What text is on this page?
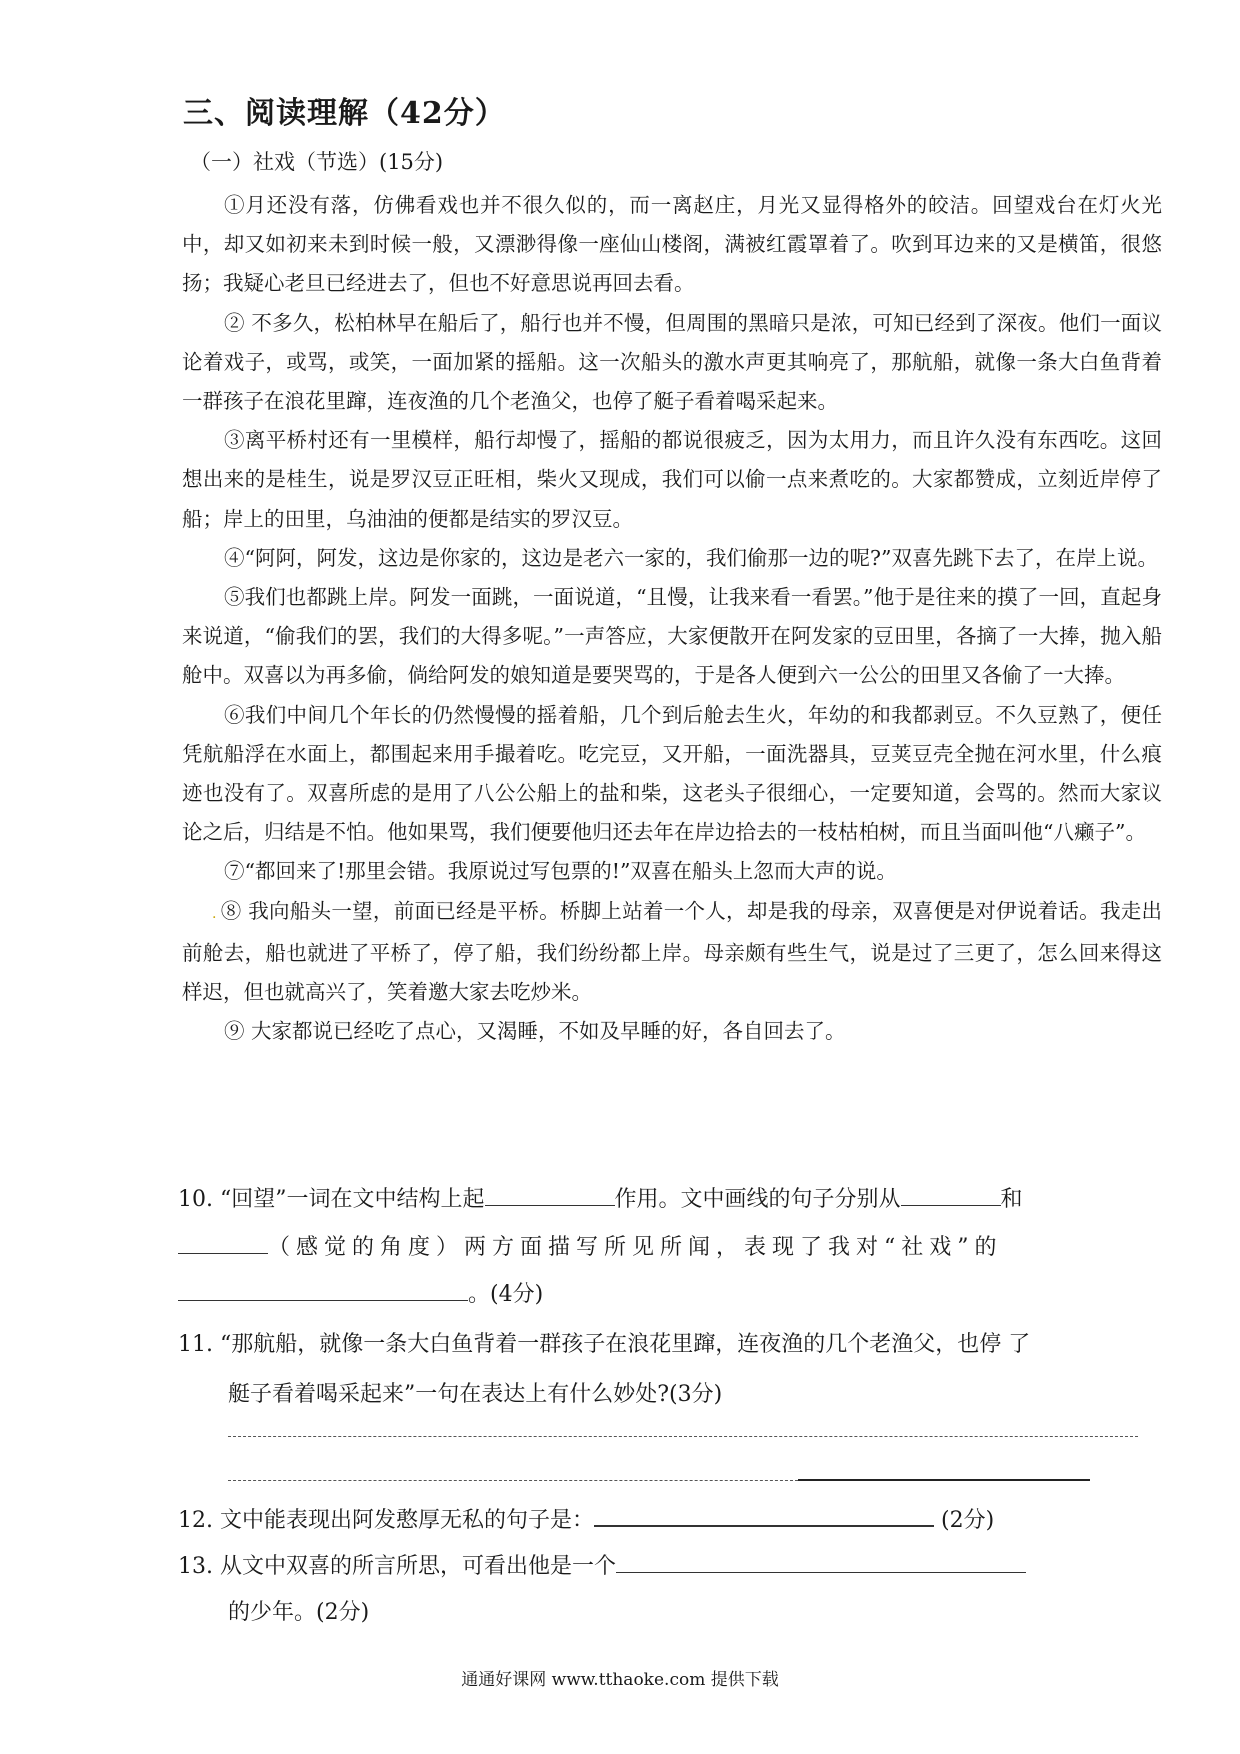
三、阅读理解（42分）
（一）社戏（节选）(15分)

①月还没有落，仿佛看戏也并不很久似的，而一离赵庄，月光又显得格外的皎洁。回望戏台在灯火光中，却又如初来未到时候一般，又漂渺得像一座仙山楼阁，满被红霞罩着了。吹到耳边来的又是横笛，很悠扬；我疑心老旦已经进去了，但也不好意思说再回去看。

② 不多久，松柏林早在船后了，船行也并不慢，但周围的黑暗只是浓，可知已经到了深夜。他们一面议论着戏子，或骂，或笑，一面加紧的摇船。这一次船头的激水声更其响亮了，那航船，就像一条大白鱼背着一群孩子在浪花里蹿，连夜渔的几个老渔父，也停了艇子看着喝采起来。

③离平桥村还有一里模样，船行却慢了，摇船的都说很疲乏，因为太用力，而且许久没有东西吃。这回想出来的是桂生，说是罗汉豆正旺相，柴火又现成，我们可以偷一点来煮吃的。大家都赞成，立刻近岸停了船；岸上的田里，乌油油的便都是结实的罗汉豆。

④“阿阿，阿发，这边是你家的，这边是老六一家的，我们偷那一边的呢?”双喜先跳下去了，在岸上说。

⑤我们也都跳上岸。阿发一面跳，一面说道，“且慢，让我来看一看罢。”他于是往来的摸了一回，直起身来说道，“偷我们的罢，我们的大得多呢。”一声答应，大家便散开在阿发家的豆田里，各摘了一大捧，抛入船舱中。双喜以为再多偷，倘给阿发的娘知道是要哭骂的，于是各人便到六一公公的田里又各偷了一大捧。

⑥我们中间几个年长的仍然慢慢的摇着船，几个到后舱去生火，年幼的和我都剥豆。不久豆熟了，便任凭航船浮在水面上，都围起来用手撮着吃。吃完豆，又开船，一面洗器具，豆荚豆壳全抛在河水里，什么痕迹也没有了。双喜所虑的是用了八公公船上的盐和柴，这老头子很细心，一定要知道，会骂的。然而大家议论之后，归结是不怕。他如果骂，我们便要他归还去年在岸边拾去的一枝枯柏树，而且当面叫他“八癞子”。

⑦“都回来了!那里会错。我原说过写包票的!”双喜在船头上忽而大声的说。

. ⑧ 我向船头一望，前面已经是平桥。桥脚上站着一个人，却是我的母亲，双喜便是对伊说着话。我走出前舱去，船也就进了平桥了，停了船，我们纷纷都上岸。母亲颇有些生气，说是过了三更了，怎么回来得这样迟，但也就高兴了，笑着邀大家去吃炒米。

⑨ 大家都说已经吃了点心，又渴睡，不如及早睡的好，各自回去了。

10. “回望”一词在文中结构上起	作用。文中画线的句子分别从	和
（感觉的角度）两方面描写所见所闻，表现了我对“社戏”的
。(4分)
11. “那航船，就像一条大白鱼背着一群孩子在浪花里蹿，连夜渔的几个老渔父，也停 了
艇子看着喝采起来”一句在表达上有什么妙处?(3分)
12. 文中能表现出阿发憨厚无私的句子是：	(2分)
13. 从文中双喜的所言所思，可看出他是一个
的少年。(2分)
通通好课网 www.tthaoke.com 提供下载
